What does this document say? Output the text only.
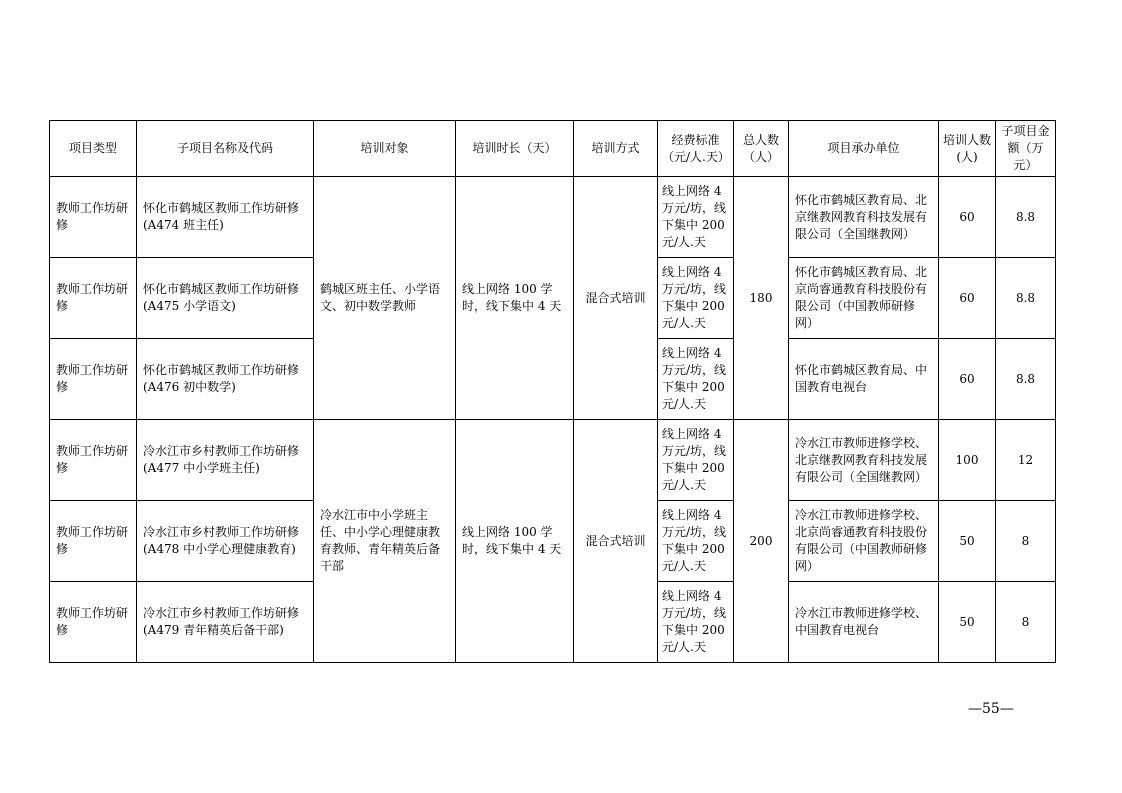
项目类型	子项目名称及代码	培训对象	培训时长（天）	培训方式	经费标准（元/人.天）	总人数（人）	项目承办单位	培训人数(人)	子项目金额（万元）
教师工作坊研修	怀化市鹤城区教师工作坊研修(A474 班主任)	鹤城区班主任、小学语文、初中数学教师	线上网络 100 学时，线下集中 4 天	混合式培训	线上网络 4 万元/坊，线下集中 200 元/人.天	180	怀化市鹤城区教育局、北京继教网教育科技发展有限公司（全国继教网）	60	8.8
教师工作坊研修	怀化市鹤城区教师工作坊研修(A475 小学语文)				线上网络 4 万元/坊，线下集中 200 元/人.天		怀化市鹤城区教育局、北京尚睿通教育科技股份有限公司（中国教师研修网）	60	8.8
教师工作坊研修	怀化市鹤城区教师工作坊研修(A476 初中数学)				线上网络 4 万元/坊，线下集中 200 元/人.天		怀化市鹤城区教育局、中国教育电视台	60	8.8
教师工作坊研修	冷水江市乡村教师工作坊研修(A477 中小学班主任)	冷水江市中小学班主任、中小学心理健康教育教师、青年精英后备干部	线上网络 100 学时，线下集中 4 天	混合式培训	线上网络 4 万元/坊，线下集中 200 元/人.天	200	冷水江市教师进修学校、北京继教网教育科技发展有限公司（全国继教网）	100	12
教师工作坊研修	冷水江市乡村教师工作坊研修(A478 中小学心理健康教育)				线上网络 4 万元/坊，线下集中 200 元/人.天		冷水江市教师进修学校、北京尚睿通教育科技股份有限公司（中国教师研修网）	50	8
教师工作坊研修	冷水江市乡村教师工作坊研修(A479 青年精英后备干部)				线上网络 4 万元/坊，线下集中 200 元/人.天		冷水江市教师进修学校、中国教育电视台	50	8
—55—
